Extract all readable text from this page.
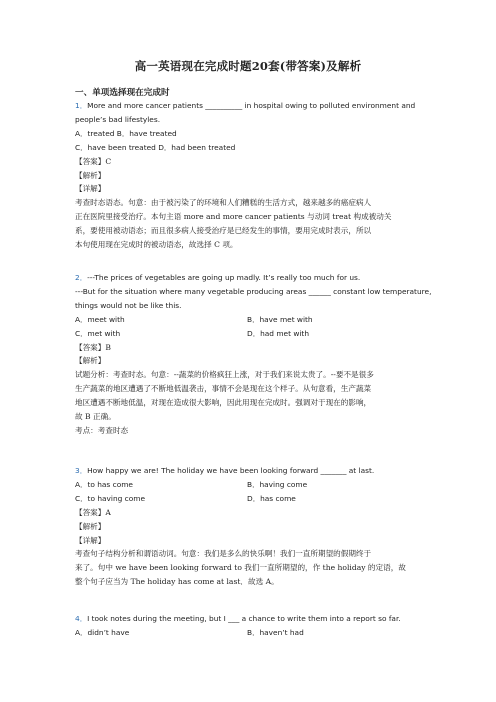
高一英语现在完成时题20套(带答案)及解析
一、单项选择现在完成时
1．More and more cancer patients __________ in hospital owing to polluted environment and
people’s bad lifestyles.
A．treated B．have treated
C．have been treated D．had been treated
【答案】C
【解析】
【详解】
考查时态语态。句意：由于被污染了的环境和人们糟糕的生活方式，越来越多的癌症病人
正在医院里接受治疗。本句主语 more and more cancer patients 与动词 treat 构成被动关
系，要使用被动语态；而且很多病人接受治疗是已经发生的事情，要用完成时表示，所以
本句使用现在完成时的被动语态，故选择 C 项。
2．---The prices of vegetables are going up madly. It’s really too much for us.
---But for the situation where many vegetable producing areas ______ constant low temperature,
things would not be like this.
A．meet with	B．have met with
C．met with	D．had met with
【答案】B
【解析】
试题分析：考查时态。句意：--蔬菜的价格疯狂上涨，对于我们来说太贵了。--要不是很多
生产蔬菜的地区遭遇了不断地低温袭击，事情不会是现在这个样子。从句意看，生产蔬菜
地区遭遇不断地低温，对现在造成很大影响，因此用现在完成时。强调对于现在的影响，
故 B 正确。
考点：考查时态
3．How happy we are! The holiday we have been looking forward _______ at last.
A．to has come	B．having come
C．to having come	D．has come
【答案】A
【解析】
【详解】
考查句子结构分析和谓语动词。句意：我们是多么的快乐啊！我们一直所期望的假期终于
来了。句中 we have been looking forward to 我们一直所期望的，作 the holiday 的定语，故
整个句子应当为 The holiday has come at last．故选 A。
4．I took notes during the meeting, but I ___ a chance to write them into a report so far.
A．didn’t have	B．haven’t had
